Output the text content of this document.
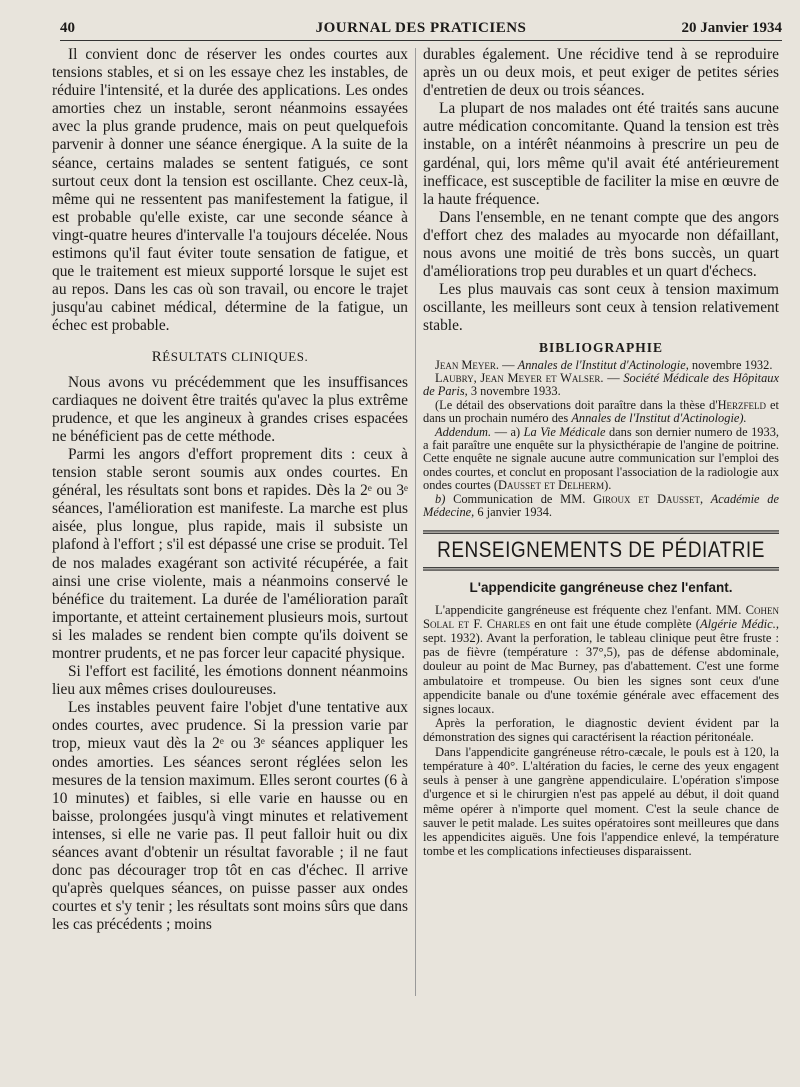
40	JOURNAL DES PRATICIENS	20 Janvier 1934

Il convient donc de réserver les ondes courtes aux tensions stables, et si on les essaye chez les instables, de réduire l'intensité, et la durée des applications. Les ondes amorties chez un instable, seront néanmoins essayées avec la plus grande prudence, mais on peut quelquefois parvenir à donner une séance énergique. A la suite de la séance, certains malades se sentent fatigués, ce sont surtout ceux dont la tension est oscillante. Chez ceux-là, même qui ne ressentent pas manifestement la fatigue, il est probable qu'elle existe, car une seconde séance à vingt-quatre heures d'intervalle l'a toujours décelée. Nous estimons qu'il faut éviter toute sensation de fatigue, et que le traitement est mieux supporté lorsque le sujet est au repos. Dans les cas où son travail, ou encore le trajet jusqu'au cabinet médical, détermine de la fatigue, un échec est probable.

RÉSULTATS CLINIQUES.

Nous avons vu précédemment que les insuffisances cardiaques ne doivent être traités qu'avec la plus extrême prudence, et que les angineux à grandes crises espacées ne bénéficient pas de cette méthode.

Parmi les angors d'effort proprement dits : ceux à tension stable seront soumis aux ondes courtes. En général, les résultats sont bons et rapides. Dès la 2ᵉ ou 3ᵉ séances, l'amélioration est manifeste. La marche est plus aisée, plus longue, plus rapide, mais il subsiste un plafond à l'effort ; s'il est dépassé une crise se produit. Tel de nos malades exagérant son activité récupérée, a fait ainsi une crise violente, mais a néanmoins conservé le bénéfice du traitement. La durée de l'amélioration paraît importante, et atteint certainement plusieurs mois, surtout si les malades se rendent bien compte qu'ils doivent se montrer prudents, et ne pas forcer leur capacité physique.

Si l'effort est facilité, les émotions donnent néanmoins lieu aux mêmes crises douloureuses.

Les instables peuvent faire l'objet d'une tentative aux ondes courtes, avec prudence. Si la pression varie par trop, mieux vaut dès la 2ᵉ ou 3ᵉ séances appliquer les ondes amorties. Les séances seront réglées selon les mesures de la tension maximum. Elles seront courtes (6 à 10 minutes) et faibles, si elle varie en hausse ou en baisse, prolongées jusqu'à vingt minutes et relativement intenses, si elle ne varie pas. Il peut falloir huit ou dix séances avant d'obtenir un résultat favorable ; il ne faut donc pas décourager trop tôt en cas d'échec. Il arrive qu'après quelques séances, on puisse passer aux ondes courtes et s'y tenir ; les résultats sont moins sûrs que dans les cas précédents ; moins

durables également. Une récidive tend à se reproduire après un ou deux mois, et peut exiger de petites séries d'entretien de deux ou trois séances.

La plupart de nos malades ont été traités sans aucune autre médication concomitante. Quand la tension est très instable, on a intérêt néanmoins à prescrire un peu de gardénal, qui, lors même qu'il avait été antérieurement inefficace, est susceptible de faciliter la mise en œuvre de la haute fréquence.

Dans l'ensemble, en ne tenant compte que des angors d'effort chez des malades au myocarde non défaillant, nous avons une moitié de très bons succès, un quart d'améliorations trop peu durables et un quart d'échecs.

Les plus mauvais cas sont ceux à tension maximum oscillante, les meilleurs sont ceux à tension relativement stable.

BIBLIOGRAPHIE

Jean Meyer. — Annales de l'Institut d'Actinologie, novembre 1932.

Laubry, Jean Meyer et Walser. — Société Médicale des Hôpitaux de Paris, 3 novembre 1933.

(Le détail des observations doit paraître dans la thèse d'Herzfeld et dans un prochain numéro des Annales de l'Institut d'Actinologie).

Addendum. — a) La Vie Médicale dans son dernier numero de 1933, a fait paraître une enquête sur la physicthérapie de l'angine de poitrine. Cette enquête ne signale aucune autre communication sur l'emploi des ondes courtes, et conclut en proposant l'association de la radiologie aux ondes courtes (Dausset et Delherm).

b) Communication de MM. Giroux et Dausset, Académie de Médecine, 6 janvier 1934.

RENSEIGNEMENTS DE PÉDIATRIE
L'appendicite gangréneuse chez l'enfant.

L'appendicite gangréneuse est fréquente chez l'enfant. MM. Cohen Solal et F. Charles en ont fait une étude complète (Algérie Médic., sept. 1932). Avant la perforation, le tableau clinique peut être fruste : pas de fièvre (température : 37°,5), pas de défense abdominale, douleur au point de Mac Burney, pas d'abattement. C'est une forme ambulatoire et trompeuse. Ou bien les signes sont ceux d'une appendicite banale ou d'une toxémie générale avec effacement des signes locaux.

Après la perforation, le diagnostic devient évident par la démonstration des signes qui caractérisent la réaction péritonéale.

Dans l'appendicite gangréneuse rétro-cæcale, le pouls est à 120, la température à 40°. L'altération du facies, le cerne des yeux engagent seuls à penser à une gangrène appendiculaire. L'opération s'impose d'urgence et si le chirurgien n'est pas appelé au début, il doit quand même opérer à n'importe quel moment. C'est la seule chance de sauver le petit malade. Les suites opératoires sont meilleures que dans les appendicites aiguës. Une fois l'appendice enlevé, la température tombe et les complications infectieuses disparaissent.
